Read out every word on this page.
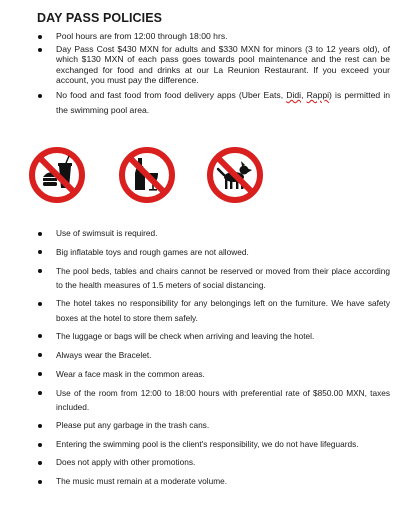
DAY PASS POLICIES
Pool hours are from 12:00 through 18:00 hrs.
Day Pass Cost $430 MXN for adults and $330 MXN for minors (3 to 12 years old), of which $130 MXN of each pass goes towards pool maintenance and the rest can be exchanged for food and drinks at our La Reunion Restaurant. If you exceed your account, you must pay the difference.
No food and fast food from food delivery apps (Uber Eats, Didi, Rappi) is permitted in the swimming pool area.
Use of swimsuit is required.
Big inflatable toys and rough games are not allowed.
The pool beds, tables and chairs cannot be reserved or moved from their place according to the health measures of 1.5 meters of social distancing.
The hotel takes no responsibility for any belongings left on the furniture. We have safety boxes at the hotel to store them safely.
The luggage or bags will be check when arriving and leaving the hotel.
Always wear the Bracelet.
Wear a face mask in the common areas.
Use of the room from 12:00 to 18:00 hours with preferential rate of $850.00 MXN, taxes included.
Please put any garbage in the trash cans.
Entering the swimming pool is the client's responsibility, we do not have lifeguards.
Does not apply with other promotions.
The music must remain at a moderate volume.
